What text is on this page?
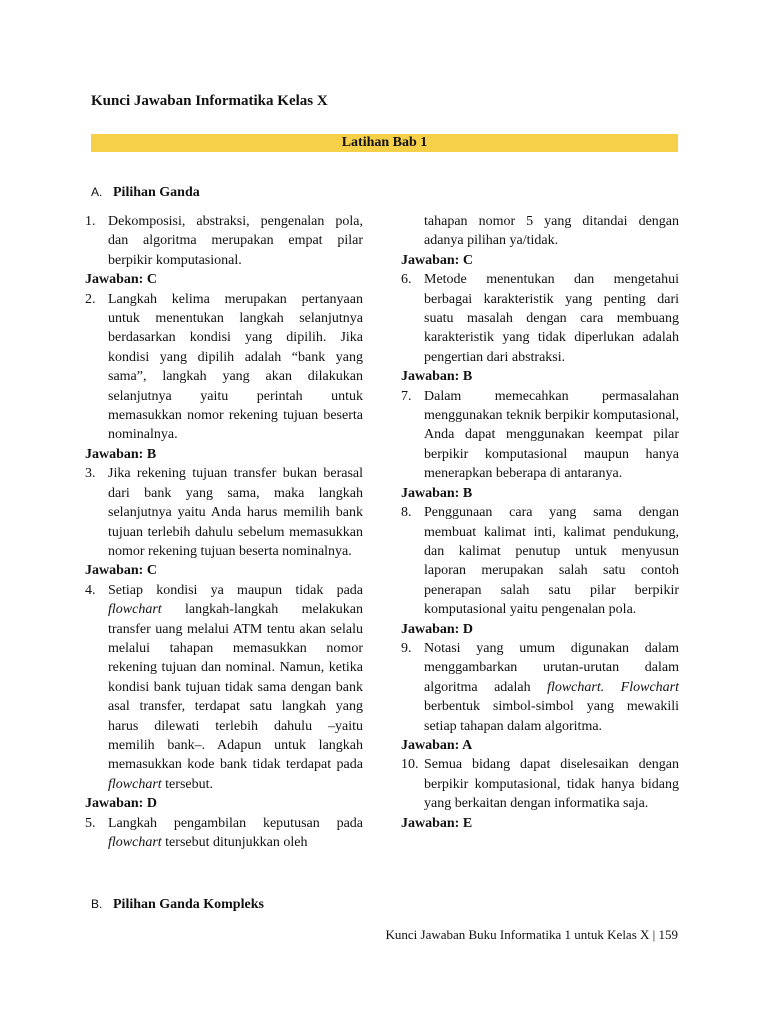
Kunci Jawaban Informatika Kelas X
Latihan Bab 1
A. Pilihan Ganda
1. Dekomposisi, abstraksi, pengenalan pola, dan algoritma merupakan empat pilar berpikir komputasional.
Jawaban: C
2. Langkah kelima merupakan pertanyaan untuk menentukan langkah selanjutnya berdasarkan kondisi yang dipilih. Jika kondisi yang dipilih adalah “bank yang sama”, langkah yang akan dilakukan selanjutnya yaitu perintah untuk memasukkan nomor rekening tujuan beserta nominalnya.
Jawaban: B
3. Jika rekening tujuan transfer bukan berasal dari bank yang sama, maka langkah selanjutnya yaitu Anda harus memilih bank tujuan terlebih dahulu sebelum memasukkan nomor rekening tujuan beserta nominalnya.
Jawaban: C
4. Setiap kondisi ya maupun tidak pada flowchart langkah-langkah melakukan transfer uang melalui ATM tentu akan selalu melalui tahapan memasukkan nomor rekening tujuan dan nominal. Namun, ketika kondisi bank tujuan tidak sama dengan bank asal transfer, terdapat satu langkah yang harus dilewati terlebih dahulu –yaitu memilih bank–. Adapun untuk langkah memasukkan kode bank tidak terdapat pada flowchart tersebut.
Jawaban: D
5. Langkah pengambilan keputusan pada flowchart tersebut ditunjukkan oleh
tahapan nomor 5 yang ditandai dengan adanya pilihan ya/tidak.
Jawaban: C
6. Metode menentukan dan mengetahui berbagai karakteristik yang penting dari suatu masalah dengan cara membuang karakteristik yang tidak diperlukan adalah pengertian dari abstraksi.
Jawaban: B
7. Dalam memecahkan permasalahan menggunakan teknik berpikir komputasional, Anda dapat menggunakan keempat pilar berpikir komputasional maupun hanya menerapkan beberapa di antaranya.
Jawaban: B
8. Penggunaan cara yang sama dengan membuat kalimat inti, kalimat pendukung, dan kalimat penutup untuk menyusun laporan merupakan salah satu contoh penerapan salah satu pilar berpikir komputasional yaitu pengenalan pola.
Jawaban: D
9. Notasi yang umum digunakan dalam menggambarkan urutan-urutan dalam algoritma adalah flowchart. Flowchart berbentuk simbol-simbol yang mewakili setiap tahapan dalam algoritma.
Jawaban: A
10. Semua bidang dapat diselesaikan dengan berpikir komputasional, tidak hanya bidang yang berkaitan dengan informatika saja.
Jawaban: E
B. Pilihan Ganda Kompleks
Kunci Jawaban Buku Informatika 1 untuk Kelas X | 159
